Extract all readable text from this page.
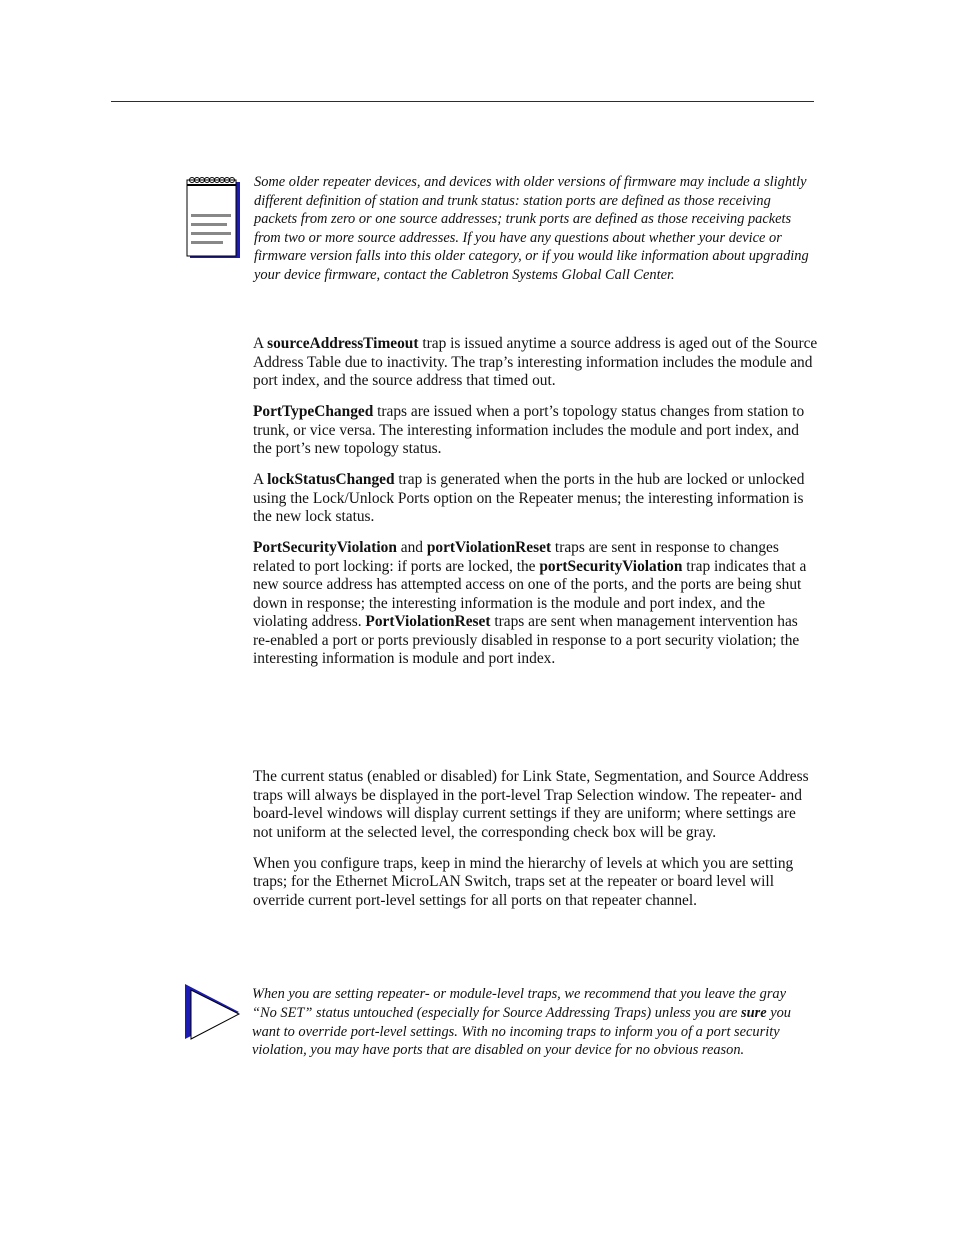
Some older repeater devices, and devices with older versions of firmware may include a slightly different definition of station and trunk status: station ports are defined as those receiving packets from zero or one source addresses; trunk ports are defined as those receiving packets from two or more source addresses. If you have any questions about whether your device or firmware version falls into this older category, or if you would like information about upgrading your device firmware, contact the Cabletron Systems Global Call Center.

A sourceAddressTimeout trap is issued anytime a source address is aged out of the Source Address Table due to inactivity. The trap’s interesting information includes the module and port index, and the source address that timed out.

PortTypeChanged traps are issued when a port’s topology status changes from station to trunk, or vice versa. The interesting information includes the module and port index, and the port’s new topology status.

A lockStatusChanged trap is generated when the ports in the hub are locked or unlocked using the Lock/Unlock Ports option on the Repeater menus; the interesting information is the new lock status.

PortSecurityViolation and portViolationReset traps are sent in response to changes related to port locking: if ports are locked, the portSecurityViolation trap indicates that a new source address has attempted access on one of the ports, and the ports are being shut down in response; the interesting information is the module and port index, and the violating address. PortViolationReset traps are sent when management intervention has re-enabled a port or ports previously disabled in response to a port security violation; the interesting information is module and port index.

The current status (enabled or disabled) for Link State, Segmentation, and Source Address traps will always be displayed in the port-level Trap Selection window. The repeater- and board-level windows will display current settings if they are uniform; where settings are not uniform at the selected level, the corresponding check box will be gray.

When you configure traps, keep in mind the hierarchy of levels at which you are setting traps; for the Ethernet MicroLAN Switch, traps set at the repeater or board level will override current port-level settings for all ports on that repeater channel.

When you are setting repeater- or module-level traps, we recommend that you leave the gray “No SET” status untouched (especially for Source Addressing Traps) unless you are sure you want to override port-level settings. With no incoming traps to inform you of a port security violation, you may have ports that are disabled on your device for no obvious reason.
